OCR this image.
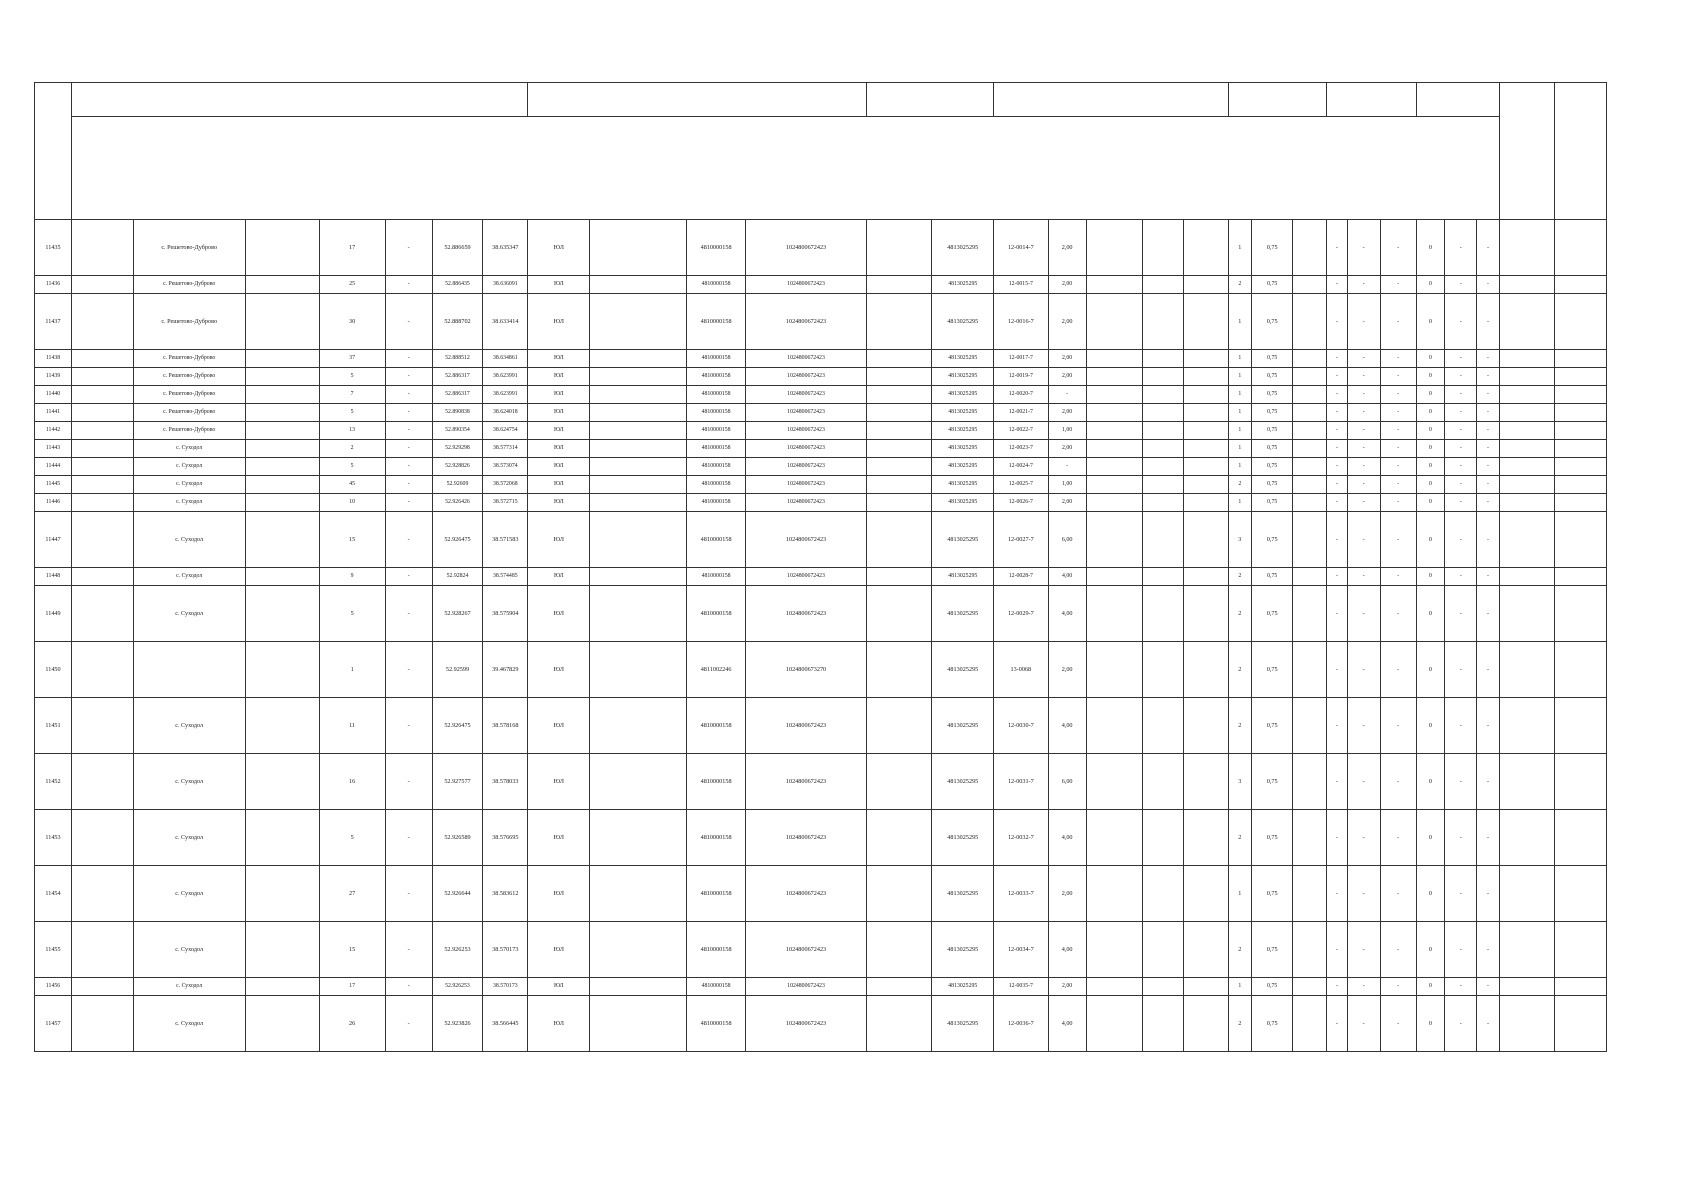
11435		с. Решетово-Дуброво		17	-	52.886659	38.635347	ЮЛ		4810000158	1024800672423		4813025295	12-0014-7	2,00				1	0,75		-	-	-	0	-	-		
11436		с. Решетово-Дуброво		25	-	52.886435	38.636091	ЮЛ		4810000158	1024800672423		4813025295	12-0015-7	2,00				2	0,75		-	-	-	0	-	-		
11437		с. Решетово-Дуброво		30	-	52.888702	38.633414	ЮЛ		4810000158	1024800672423		4813025295	12-0016-7	2,00				1	0,75		-	-	-	0	-	-		
11438		с. Решетово-Дуброво		37	-	52.888512	38.634861	ЮЛ		4810000158	1024800672423		4813025295	12-0017-7	2,00				1	0,75		-	-	-	0	-	-		
11439		с. Решетово-Дуброво		5	-	52.886317	38.623991	ЮЛ		4810000158	1024800672423		4813025295	12-0019-7	2,00				1	0,75		-	-	-	0	-	-		
11440		с. Решетово-Дуброво		7	-	52.886317	38.623991	ЮЛ		4810000158	1024800672423		4813025295	12-0020-7	-				1	0,75		-	-	-	0	-	-		
11441		с. Решетово-Дуброво		5	-	52.890838	38.624018	ЮЛ		4810000158	1024800672423		4813025295	12-0021-7	2,00				1	0,75		-	-	-	0	-	-		
11442		с. Решетово-Дуброво		13	-	52.890354	38.624754	ЮЛ		4810000158	1024800672423		4813025295	12-0022-7	1,00				1	0,75		-	-	-	0	-	-		
11443		с. Суходол		2	-	52.929298	38.577314	ЮЛ		4810000158	1024800672423		4813025295	12-0023-7	2,00				1	0,75		-	-	-	0	-	-		
11444		с. Суходол		5	-	52.928826	38.573074	ЮЛ		4810000158	1024800672423		4813025295	12-0024-7	-				1	0,75		-	-	-	0	-	-		
11445		с. Суходол		45	-	52.92609	38.572068	ЮЛ		4810000158	1024800672423		4813025295	12-0025-7	1,00				2	0,75		-	-	-	0	-	-		
11446		с. Суходол		10	-	52.926426	38.572715	ЮЛ		4810000158	1024800672423		4813025295	12-0026-7	2,00				1	0,75		-	-	-	0	-	-		
11447		с. Суходол		15	-	52.926475	38.571583	ЮЛ		4810000158	1024800672423		4813025295	12-0027-7	6,00				3	0,75		-	-	-	0	-	-		
11448		с. Суходол		9	-	52.92824	38.574485	ЮЛ		4810000158	1024800672423		4813025295	12-0028-7	4,00				2	0,75		-	-	-	0	-	-		
11449		с. Суходол		5	-	52.928267	38.575904	ЮЛ		4810000158	1024800672423		4813025295	12-0029-7	4,00				2	0,75		-	-	-	0	-	-		
11450				1	-	52.92599	39.467829	ЮЛ		4811002246	1024800673270		4813025295	13-0068	2,00				2	0,75		-	-	-	0	-	-		
11451		с. Суходол		11	-	52.926475	38.578168	ЮЛ		4810000158	1024800672423		4813025295	12-0030-7	4,00				2	0,75		-	-	-	0	-	-		
11452		с. Суходол		16	-	52.927577	38.578033	ЮЛ		4810000158	1024800672423		4813025295	12-0031-7	6,00				3	0,75		-	-	-	0	-	-		
11453		с. Суходол		5	-	52.926589	38.576695	ЮЛ		4810000158	1024800672423		4813025295	12-0032-7	4,00				2	0,75		-	-	-	0	-	-		
11454		с. Суходол		27	-	52.926644	38.583612	ЮЛ		4810000158	1024800672423		4813025295	12-0033-7	2,00				1	0,75		-	-	-	0	-	-		
11455		с. Суходол		15	-	52.926253	38.570173	ЮЛ		4810000158	1024800672423		4813025295	12-0034-7	4,00				2	0,75		-	-	-	0	-	-		
11456		с. Суходол		17	-	52.926253	38.570173	ЮЛ		4810000158	1024800672423		4813025295	12-0035-7	2,00				1	0,75		-	-	-	0	-	-		
11457		с. Суходол		26	-	52.923826	38.566445	ЮЛ		4810000158	1024800672423		4813025295	12-0036-7	4,00				2	0,75		-	-	-	0	-	-		
